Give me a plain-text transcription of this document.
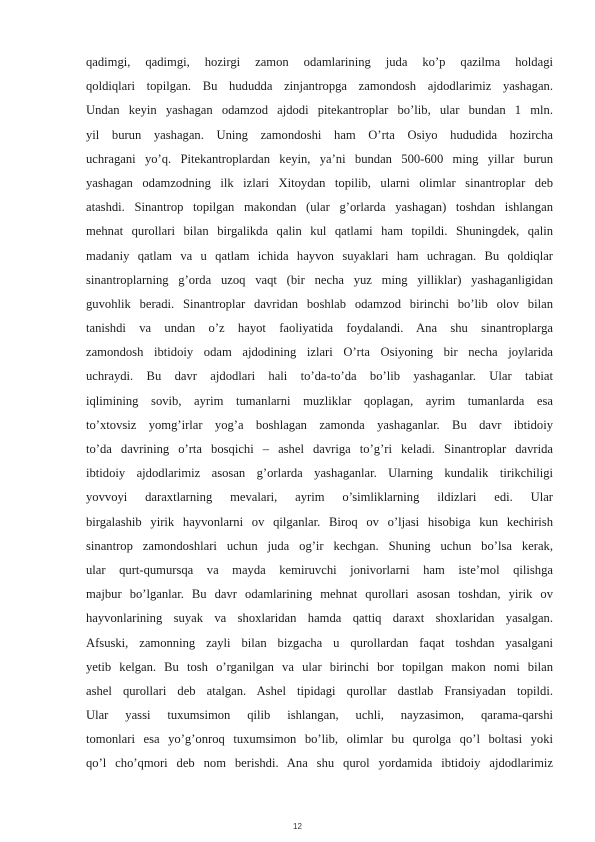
qadimgi, qadimgi, hozirgi zamon odamlarining juda ko’p qazilma holdagi
qoldiqlari topilgan. Bu hududda zinjantropga zamondosh ajdodlarimiz yashagan.
Undan keyin yashagan odamzod ajdodi pitekantroplar bo’lib, ular bundan 1 mln.
yil burun yashagan. Uning zamondoshi ham O’rta Osiyo hududida hozircha
uchragani yo’q. Pitekantroplardan keyin, ya’ni bundan 500-600 ming yillar burun
yashagan odamzodning ilk izlari Xitoydan topilib, ularni olimlar sinantroplar deb
atashdi. Sinantrop topilgan makondan (ular g’orlarda yashagan) toshdan ishlangan
mehnat qurollari bilan birgalikda qalin kul qatlami ham topildi. Shuningdek, qalin
madaniy qatlam va u qatlam ichida hayvon suyaklari ham uchragan. Bu qoldiqlar
sinantroplarning g’orda uzoq vaqt (bir necha yuz ming yilliklar) yashaganligidan
guvohlik beradi. Sinantroplar davridan boshlab odamzod birinchi bo’lib olov bilan
tanishdi va undan o’z hayot faoliyatida foydalandi. Ana shu sinantroplarga
zamondosh ibtidoiy odam ajdodining izlari O’rta Osiyoning bir necha joylarida
uchraydi. Bu davr ajdodlari hali to’da-to’da bo’lib yashaganlar. Ular tabiat
iqlimining sovib, ayrim tumanlarni muzliklar qoplagan, ayrim tumanlarda esa
to’xtovsiz yomg’irlar yog’a boshlagan zamonda yashaganlar. Bu davr ibtidoiy
to’da davrining o’rta bosqichi – ashel davriga to’g’ri keladi. Sinantroplar davrida
ibtidoiy ajdodlarimiz asosan g’orlarda yashaganlar. Ularning kundalik tirikchiligi
yovvoyi daraxtlarning mevalari, ayrim o’simliklarning ildizlari edi. Ular
birgalashib yirik hayvonlarni ov qilganlar. Biroq ov o’ljasi hisobiga kun kechirish
sinantrop zamondoshlari uchun juda og’ir kechgan. Shuning uchun bo’lsa kerak,
ular qurt-qumursqa va mayda kemiruvchi jonivorlarni ham iste’mol qilishga
majbur bo’lganlar. Bu davr odamlarining mehnat qurollari asosan toshdan, yirik ov
hayvonlarining suyak va shoxlaridan hamda qattiq daraxt shoxlaridan yasalgan.
Afsuski, zamonning zayli bilan bizgacha u qurollardan faqat toshdan yasalgani
yetib kelgan. Bu tosh o’rganilgan va ular birinchi bor topilgan makon nomi bilan
ashel qurollari deb atalgan. Ashel tipidagi qurollar dastlab Fransiyadan topildi.
Ular yassi tuxumsimon qilib ishlangan, uchli, nayzasimon, qarama-qarshi
tomonlari esa yo’g’onroq tuxumsimon bo’lib, olimlar bu qurolga qo’l boltasi yoki
qo’l cho’qmori deb nom berishdi. Ana shu qurol yordamida ibtidoiy ajdodlarimiz
12
